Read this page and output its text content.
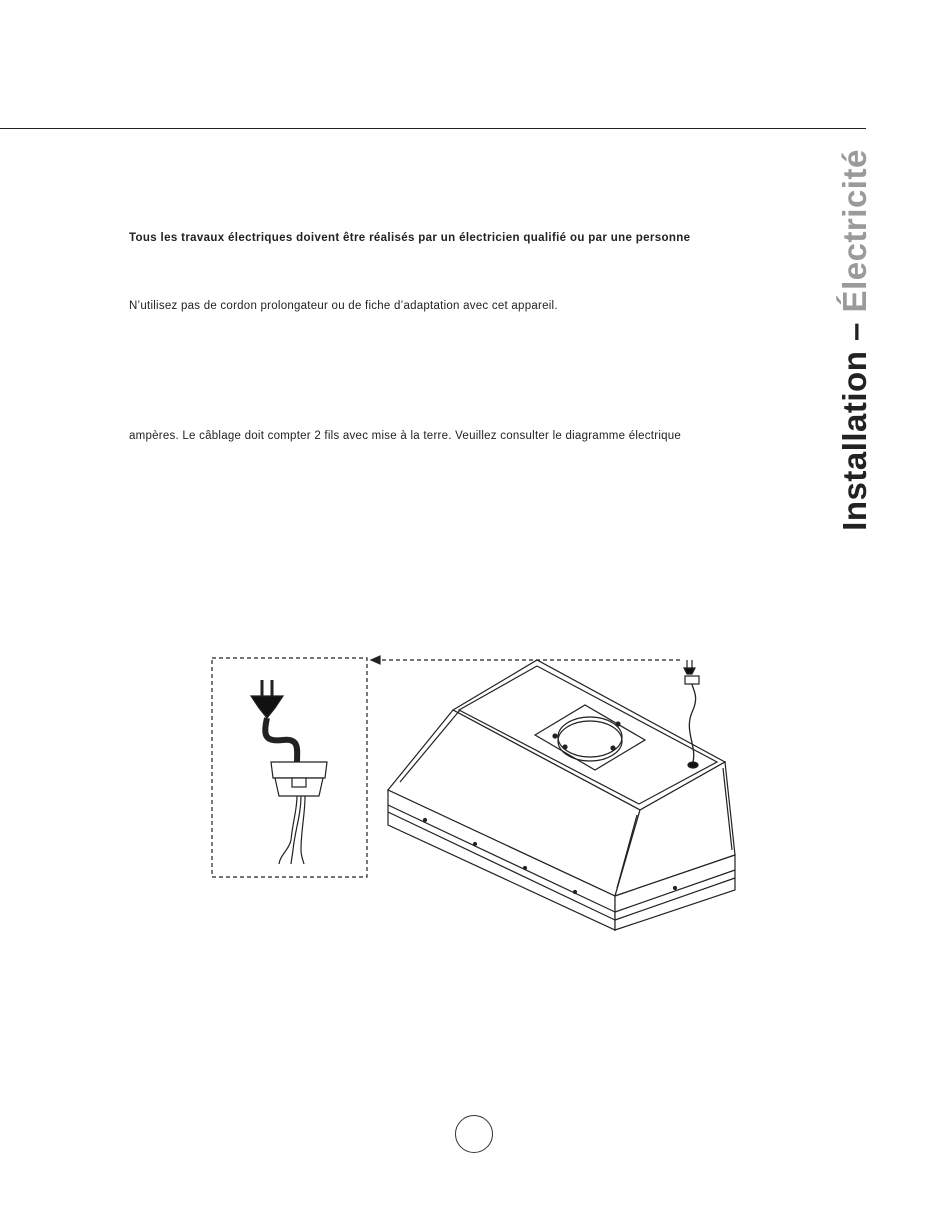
Installation – Électricité
Tous les travaux électriques doivent être réalisés par un électricien qualifié ou par une personne
N’utilisez pas de cordon prolongateur ou de fiche d’adaptation avec cet appareil.
ampères. Le câblage doit compter 2 fils avec mise à la terre. Veuillez consulter le diagramme électrique
